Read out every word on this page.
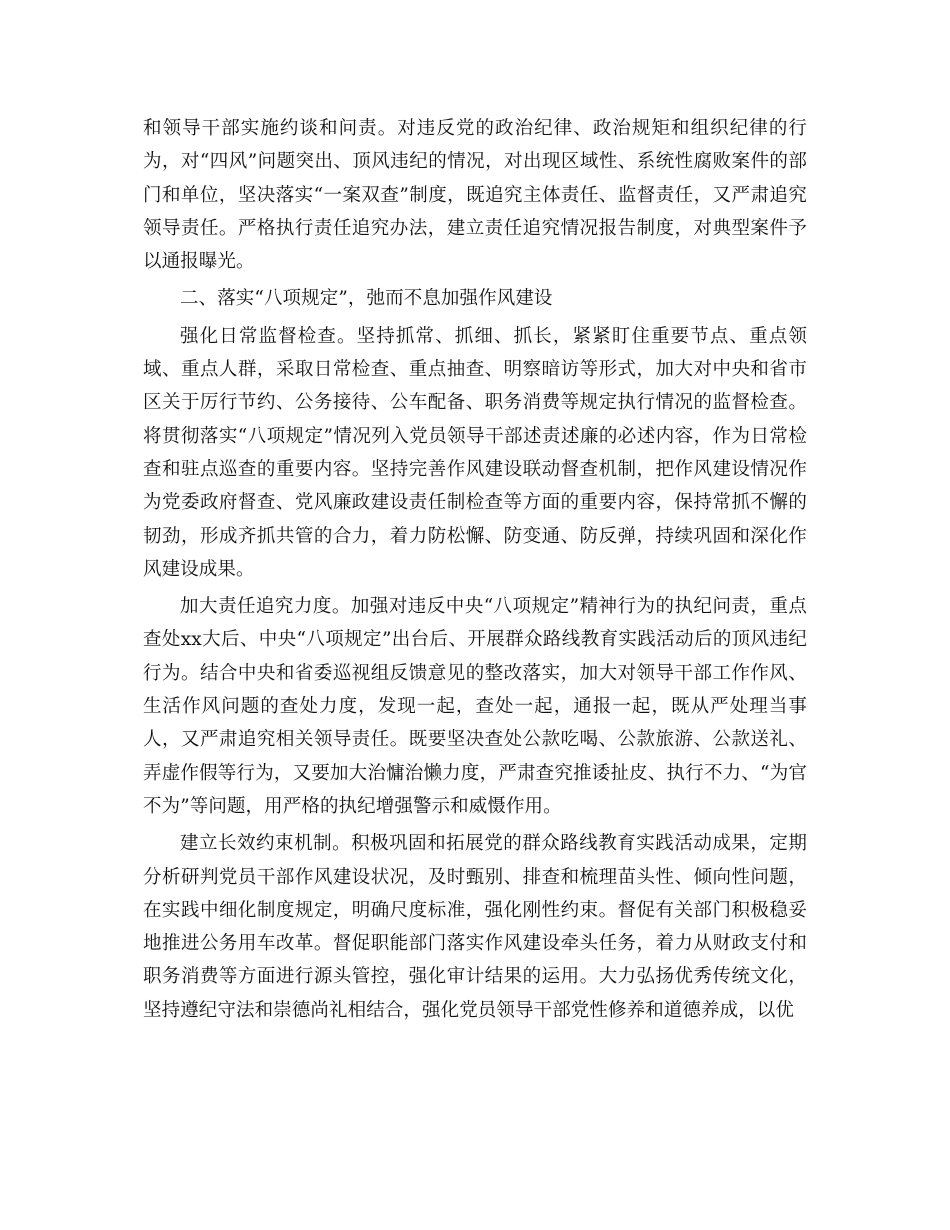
和领导干部实施约谈和问责。对违反党的政治纪律、政治规矩和组织纪律的行为，对“四风”问题突出、顶风违纪的情况，对出现区域性、系统性腐败案件的部门和单位，坚决落实“一案双查”制度，既追究主体责任、监督责任，又严肃追究领导责任。严格执行责任追究办法，建立责任追究情况报告制度，对典型案件予以通报曝光。

二、落实“八项规定”，弛而不息加强作风建设

强化日常监督检查。坚持抓常、抓细、抓长，紧紧盯住重要节点、重点领域、重点人群，采取日常检查、重点抽查、明察暗访等形式，加大对中央和省市区关于厉行节约、公务接待、公车配备、职务消费等规定执行情况的监督检查。将贯彻落实“八项规定”情况列入党员领导干部述责述廉的必述内容，作为日常检查和驻点巡查的重要内容。坚持完善作风建设联动督查机制，把作风建设情况作为党委政府督查、党风廉政建设责任制检查等方面的重要内容，保持常抓不懈的韧劲，形成齐抓共管的合力，着力防松懈、防变通、防反弹，持续巩固和深化作风建设成果。

加大责任追究力度。加强对违反中央“八项规定”精神行为的执纪问责，重点查处xx大后、中央“八项规定”出台后、开展群众路线教育实践活动后的顶风违纪行为。结合中央和省委巡视组反馈意见的整改落实，加大对领导干部工作作风、生活作风问题的查处力度，发现一起，查处一起，通报一起，既从严处理当事人，又严肃追究相关领导责任。既要坚决查处公款吃喝、公款旅游、公款送礼、弄虚作假等行为，又要加大治慵治懒力度，严肃查究推诿扯皮、执行不力、“为官不为”等问题，用严格的执纪增强警示和威慑作用。

建立长效约束机制。积极巩固和拓展党的群众路线教育实践活动成果，定期分析研判党员干部作风建设状况，及时甄别、排查和梳理苗头性、倾向性问题，在实践中细化制度规定，明确尺度标准，强化刚性约束。督促有关部门积极稳妥地推进公务用车改革。督促职能部门落实作风建设牵头任务，着力从财政支付和职务消费等方面进行源头管控，强化审计结果的运用。大力弘扬优秀传统文化，坚持遵纪守法和崇德尚礼相结合，强化党员领导干部党性修养和道德养成，以优
